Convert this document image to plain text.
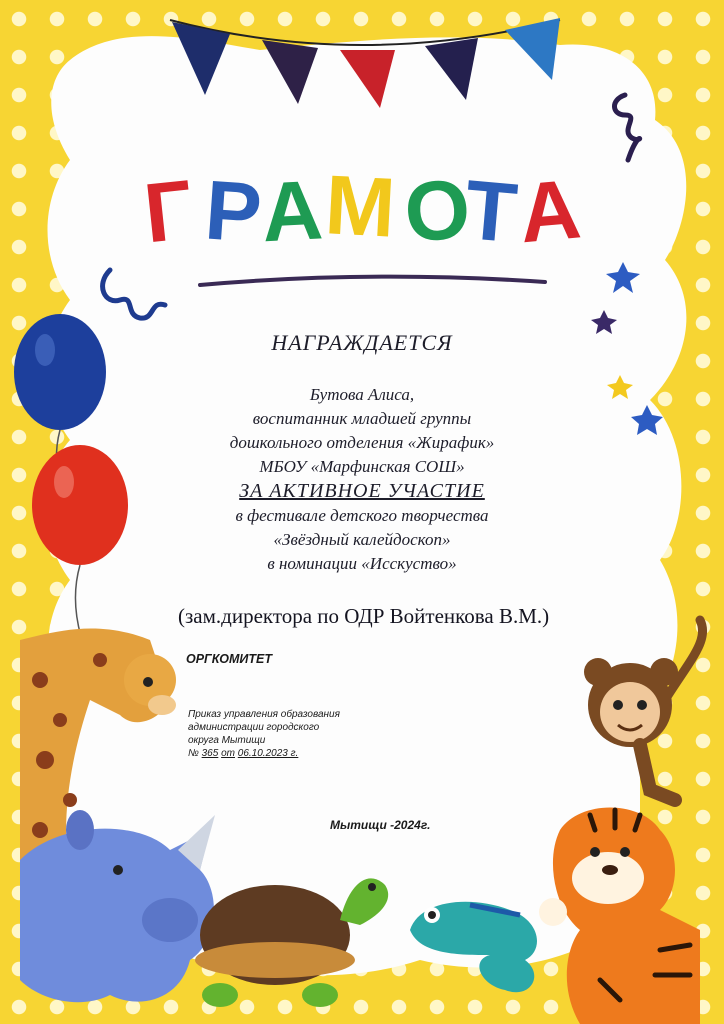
Г Р
А
М О
Т
А
НАГРАЖДАЕТСЯ
Бутова Алиса,
воспитанник младшей группы
дошкольного отделения «Жирафик»
МБОУ «Марфинская СОШ»
ЗА АКТИВНОЕ УЧАСТИЕ
в фестивале детского творчества
«Звёздный калейдоскоп»
в номинации «Исскуство»
(зам.директора по ОДР Войтенкова В.М.)
ОРГКОМИТЕТ
Приказ управления образования
администрации городского
округа Мытищи
№ 365 от 06.10.2023 г.
Мытищи -2024г.
